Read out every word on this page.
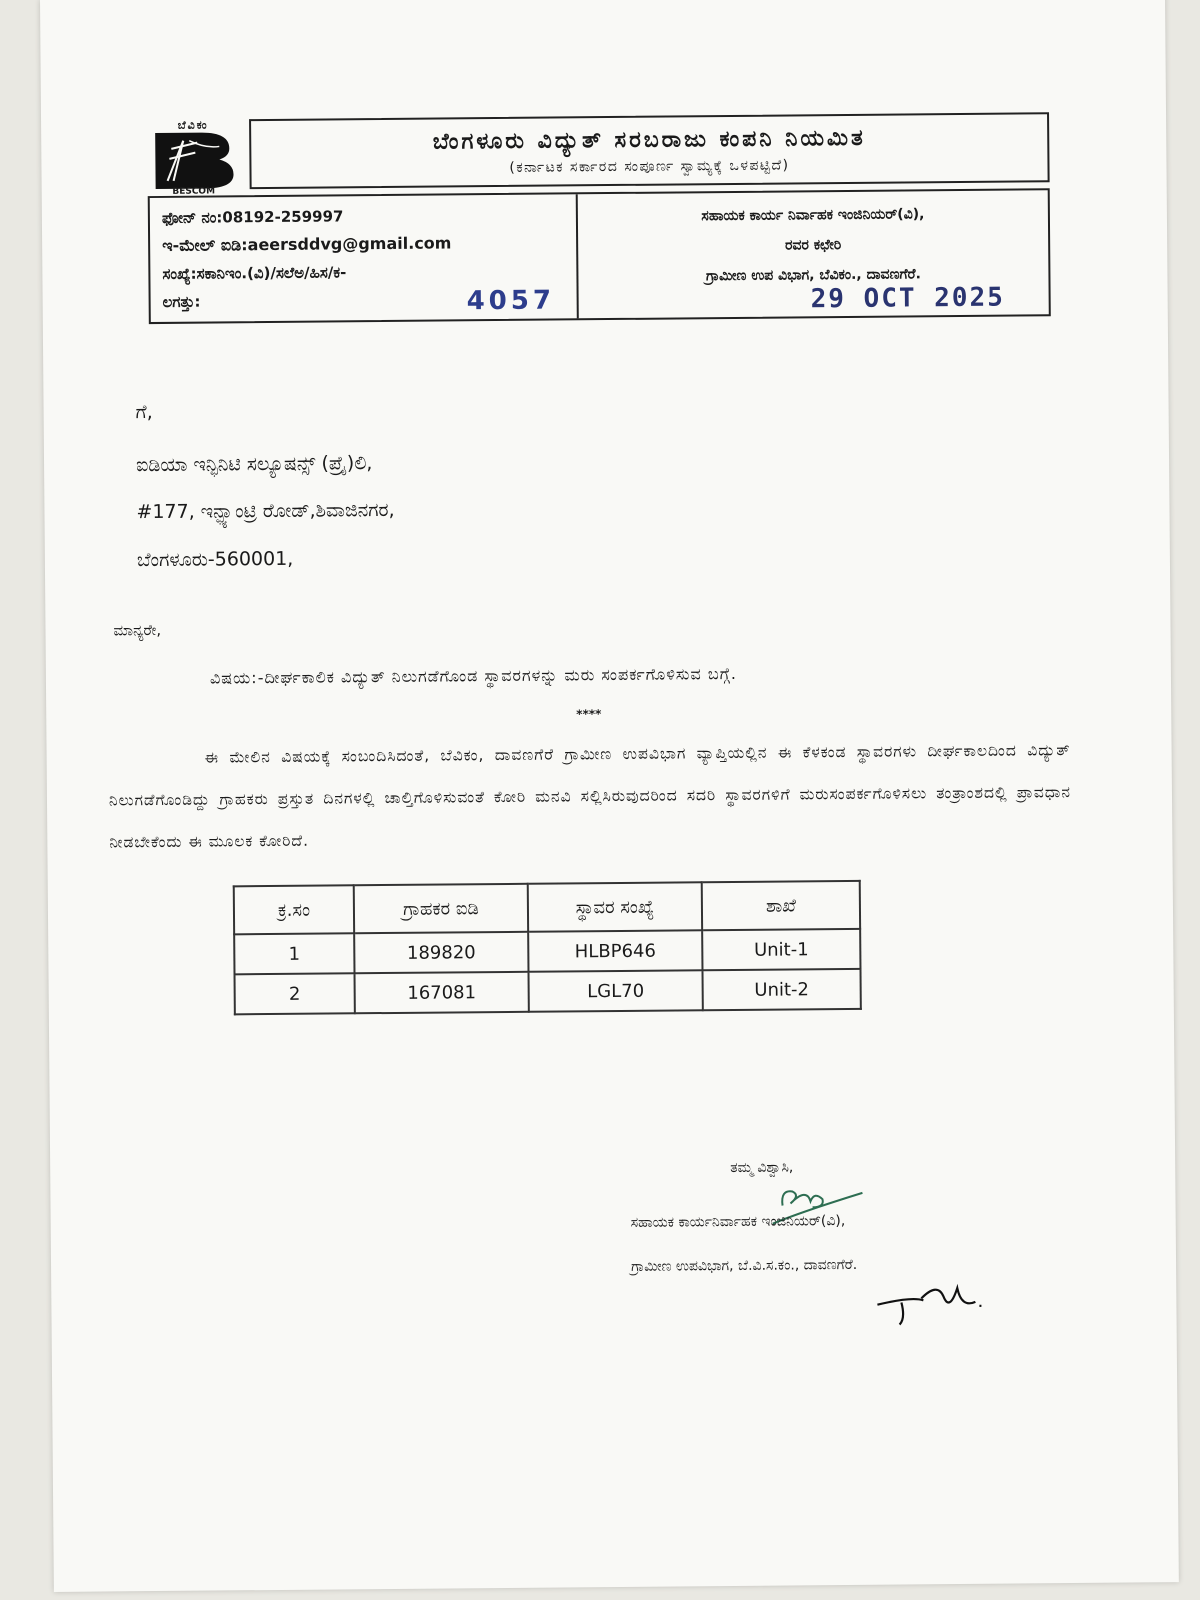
ಬೆವಿಕಂ
BESCOM
ಬೆಂಗಳೂರು ವಿದ್ಯುತ್ ಸರಬರಾಜು ಕಂಪನಿ ನಿಯಮಿತ
(ಕರ್ನಾಟಕ ಸರ್ಕಾರದ ಸಂಪೂರ್ಣ ಸ್ವಾಮ್ಯಕ್ಕೆ ಒಳಪಟ್ಟಿದೆ)
ಫೋನ್ ನಂ:08192-259997
ಇ-ಮೇಲ್ ಐಡಿ:aeersddvg@gmail.com
ಸಂಖ್ಯೆ:ಸಕಾನಿಇಂ.(ವಿ)/ಸಲೆಅ/ಹಿಸ/ಕ-
ಲಗತ್ತು:	4057
ಸಹಾಯಕ ಕಾರ್ಯ ನಿರ್ವಾಹಕ ಇಂಜಿನಿಯರ್(ವಿ),
ರವರ ಕಛೇರಿ
ಗ್ರಾಮೀಣ ಉಪ ವಿಭಾಗ, ಬೆವಿಕಂ., ದಾವಣಗೆರೆ.
29 OCT 2025
ಗೆ,
ಐಡಿಯಾ ಇನ್ಫಿನಿಟಿ ಸಲ್ಯೂಷನ್ಸ್ (ಪ್ರೈ)ಲಿ,
#177, ಇನ್ಫ್ಯಾಂಟ್ರಿ ರೋಡ್,ಶಿವಾಜಿನಗರ,
ಬೆಂಗಳೂರು-560001,
ಮಾನ್ಯರೇ,
ವಿಷಯ:-ದೀರ್ಘಕಾಲಿಕ ವಿದ್ಯುತ್ ನಿಲುಗಡೆಗೊಂಡ ಸ್ಥಾವರಗಳನ್ನು ಮರು ಸಂಪರ್ಕಗೊಳಿಸುವ ಬಗ್ಗೆ.
****
ಈ ಮೇಲಿನ ವಿಷಯಕ್ಕೆ ಸಂಬಂದಿಸಿದಂತೆ, ಬೆವಿಕಂ, ದಾವಣಗೆರೆ ಗ್ರಾಮೀಣ ಉಪವಿಭಾಗ ವ್ಯಾಪ್ತಿಯಲ್ಲಿನ ಈ ಕೆಳಕಂಡ ಸ್ಥಾವರಗಳು ದೀರ್ಘಕಾಲದಿಂದ ವಿದ್ಯುತ್ ನಿಲುಗಡೆಗೊಂಡಿದ್ದು ಗ್ರಾಹಕರು ಪ್ರಸ್ತುತ ದಿನಗಳಲ್ಲಿ ಚಾಲ್ತಿಗೊಳಿಸುವಂತೆ ಕೋರಿ ಮನವಿ ಸಲ್ಲಿಸಿರುವುದರಿಂದ ಸದರಿ ಸ್ಥಾವರಗಳಿಗೆ ಮರುಸಂಪರ್ಕಗೊಳಿಸಲು ತಂತ್ರಾಂಶದಲ್ಲಿ ಪ್ರಾವಧಾನ ನೀಡಬೇಕೆಂದು ಈ ಮೂಲಕ ಕೋರಿದೆ.
ಕ್ರ.ಸಂ	ಗ್ರಾಹಕರ ಐಡಿ	ಸ್ಥಾವರ ಸಂಖ್ಯೆ	ಶಾಖೆ
1	189820	HLBP646	Unit-1
2	167081	LGL70	Unit-2
ತಮ್ಮ ವಿಶ್ವಾಸಿ,
ಸಹಾಯಕ ಕಾರ್ಯನಿರ್ವಾಹಕ ಇಂಜಿನಿಯರ್(ವಿ),
ಗ್ರಾಮೀಣ ಉಪವಿಭಾಗ, ಬೆ.ವಿ.ಸ.ಕಂ., ದಾವಣಗೆರೆ.
